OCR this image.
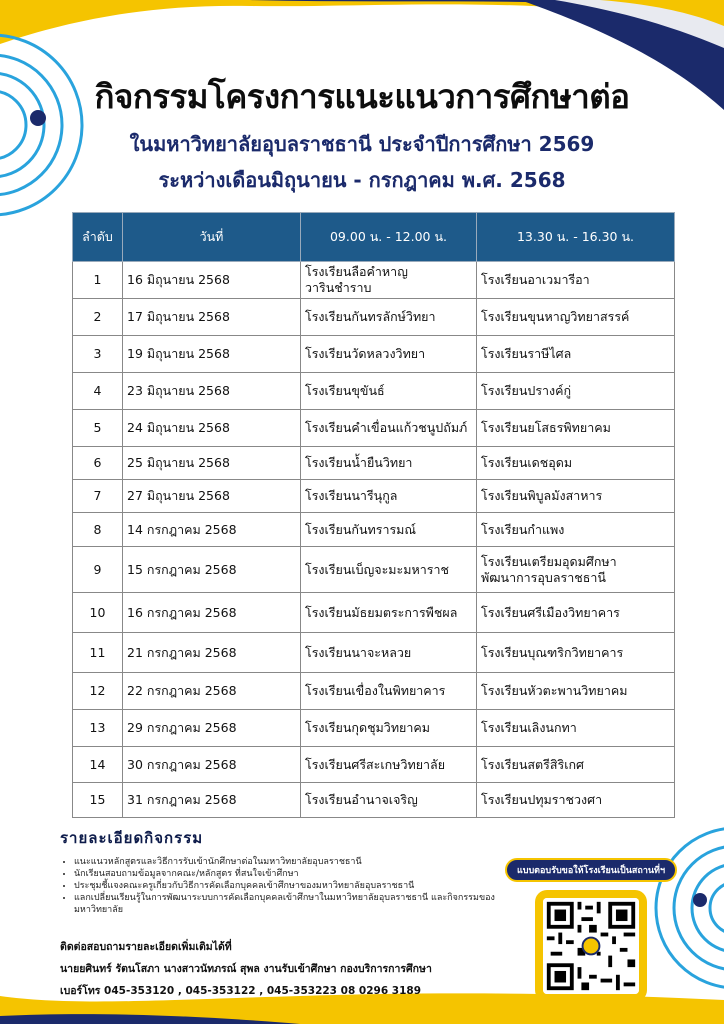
กิจกรรมโครงการแนะแนวการศึกษาต่อ
ในมหาวิทยาลัยอุบลราชธานี ประจำปีการศึกษา 2569
ระหว่างเดือนมิถุนายน - กรกฎาคม พ.ศ. 2568
ลำดับ	วันที่	09.00 น. - 12.00 น.	13.30 น. - 16.30 น.
1	16 มิถุนายน 2568	โรงเรียนลือคำหาญวารินชำราบ	โรงเรียนอาเวมารีอา
2	17 มิถุนายน 2568	โรงเรียนกันทรลักษ์วิทยา	โรงเรียนขุนหาญวิทยาสรรค์
3	19 มิถุนายน 2568	โรงเรียนวัดหลวงวิทยา	โรงเรียนราษีไศล
4	23 มิถุนายน 2568	โรงเรียนขุขันธ์	โรงเรียนปรางค์กู่
5	24 มิถุนายน 2568	โรงเรียนคำเขื่อนแก้วชนูปถัมภ์	โรงเรียนยโสธรพิทยาคม
6	25 มิถุนายน 2568	โรงเรียนน้ำยืนวิทยา	โรงเรียนเดชอุดม
7	27 มิถุนายน 2568	โรงเรียนนารีนุกูล	โรงเรียนพิบูลมังสาหาร
8	14 กรกฎาคม 2568	โรงเรียนกันทรารมณ์	โรงเรียนกำแพง
9	15 กรกฎาคม 2568	โรงเรียนเบ็ญจะมะมหาราช	โรงเรียนเตรียมอุดมศึกษา พัฒนาการอุบลราชธานี
10	16 กรกฎาคม 2568	โรงเรียนมัธยมตระการพืชผล	โรงเรียนศรีเมืองวิทยาคาร
11	21 กรกฎาคม 2568	โรงเรียนนาจะหลวย	โรงเรียนบุณฑริกวิทยาคาร
12	22 กรกฎาคม 2568	โรงเรียนเขื่องในพิทยาคาร	โรงเรียนหัวตะพานวิทยาคม
13	29 กรกฎาคม 2568	โรงเรียนกุดชุมวิทยาคม	โรงเรียนเลิงนกทา
14	30 กรกฎาคม 2568	โรงเรียนศรีสะเกษวิทยาลัย	โรงเรียนสตรีสิริเกศ
15	31 กรกฎาคม 2568	โรงเรียนอำนาจเจริญ	โรงเรียนปทุมราชวงศา
รายละเอียดกิจกรรม
• แนะแนวหลักสูตรและวิธีการรับเข้านักศึกษาต่อในมหาวิทยาลัยอุบลราชธานี
• นักเรียนสอบถามข้อมูลจากคณะ/หลักสูตร ที่สนใจเข้าศึกษา
• ประชุมชี้แจงคณะครูเกี่ยวกับวิธีการคัดเลือกบุคคลเข้าศึกษาของมหาวิทยาลัยอุบลราชธานี
• แลกเปลี่ยนเรียนรู้ในการพัฒนาระบบการคัดเลือกบุคคลเข้าศึกษาในมหาวิทยาลัยอุบลราชธานี และกิจกรรมของมหาวิทยาลัย
ติดต่อสอบถามรายละเอียดเพิ่มเติมได้ที่
นายยศินทร์ รัตนโสภา นางสาวนัทภรณ์ สุพล งานรับเข้าศึกษา กองบริการการศึกษา
เบอร์โทร 045-353120 , 045-353122 , 045-353223 08 0296 3189
แบบตอบรับขอให้โรงเรียนเป็นสถานที่ฯ
